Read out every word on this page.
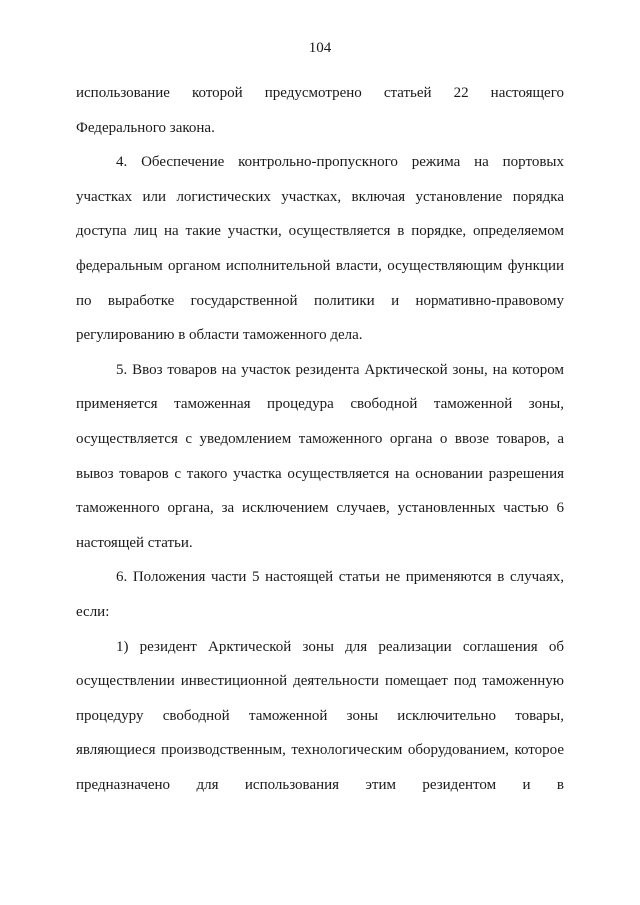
104

использование которой предусмотрено статьей 22 настоящего Федерального закона.

4. Обеспечение контрольно-пропускного режима на портовых участках или логистических участках, включая установление порядка доступа лиц на такие участки, осуществляется в порядке, определяемом федеральным органом исполнительной власти, осуществляющим функции по выработке государственной политики и нормативно-правовому регулированию в области таможенного дела.

5. Ввоз товаров на участок резидента Арктической зоны, на котором применяется таможенная процедура свободной таможенной зоны, осуществляется с уведомлением таможенного органа о ввозе товаров, а вывоз товаров с такого участка осуществляется на основании разрешения таможенного органа, за исключением случаев, установленных частью 6 настоящей статьи.

6. Положения части 5 настоящей статьи не применяются в случаях, если:

1) резидент Арктической зоны для реализации соглашения об осуществлении инвестиционной деятельности помещает под таможенную процедуру свободной таможенной зоны исключительно товары, являющиеся производственным, технологическим оборудованием, которое предназначено для использования этим резидентом и в
